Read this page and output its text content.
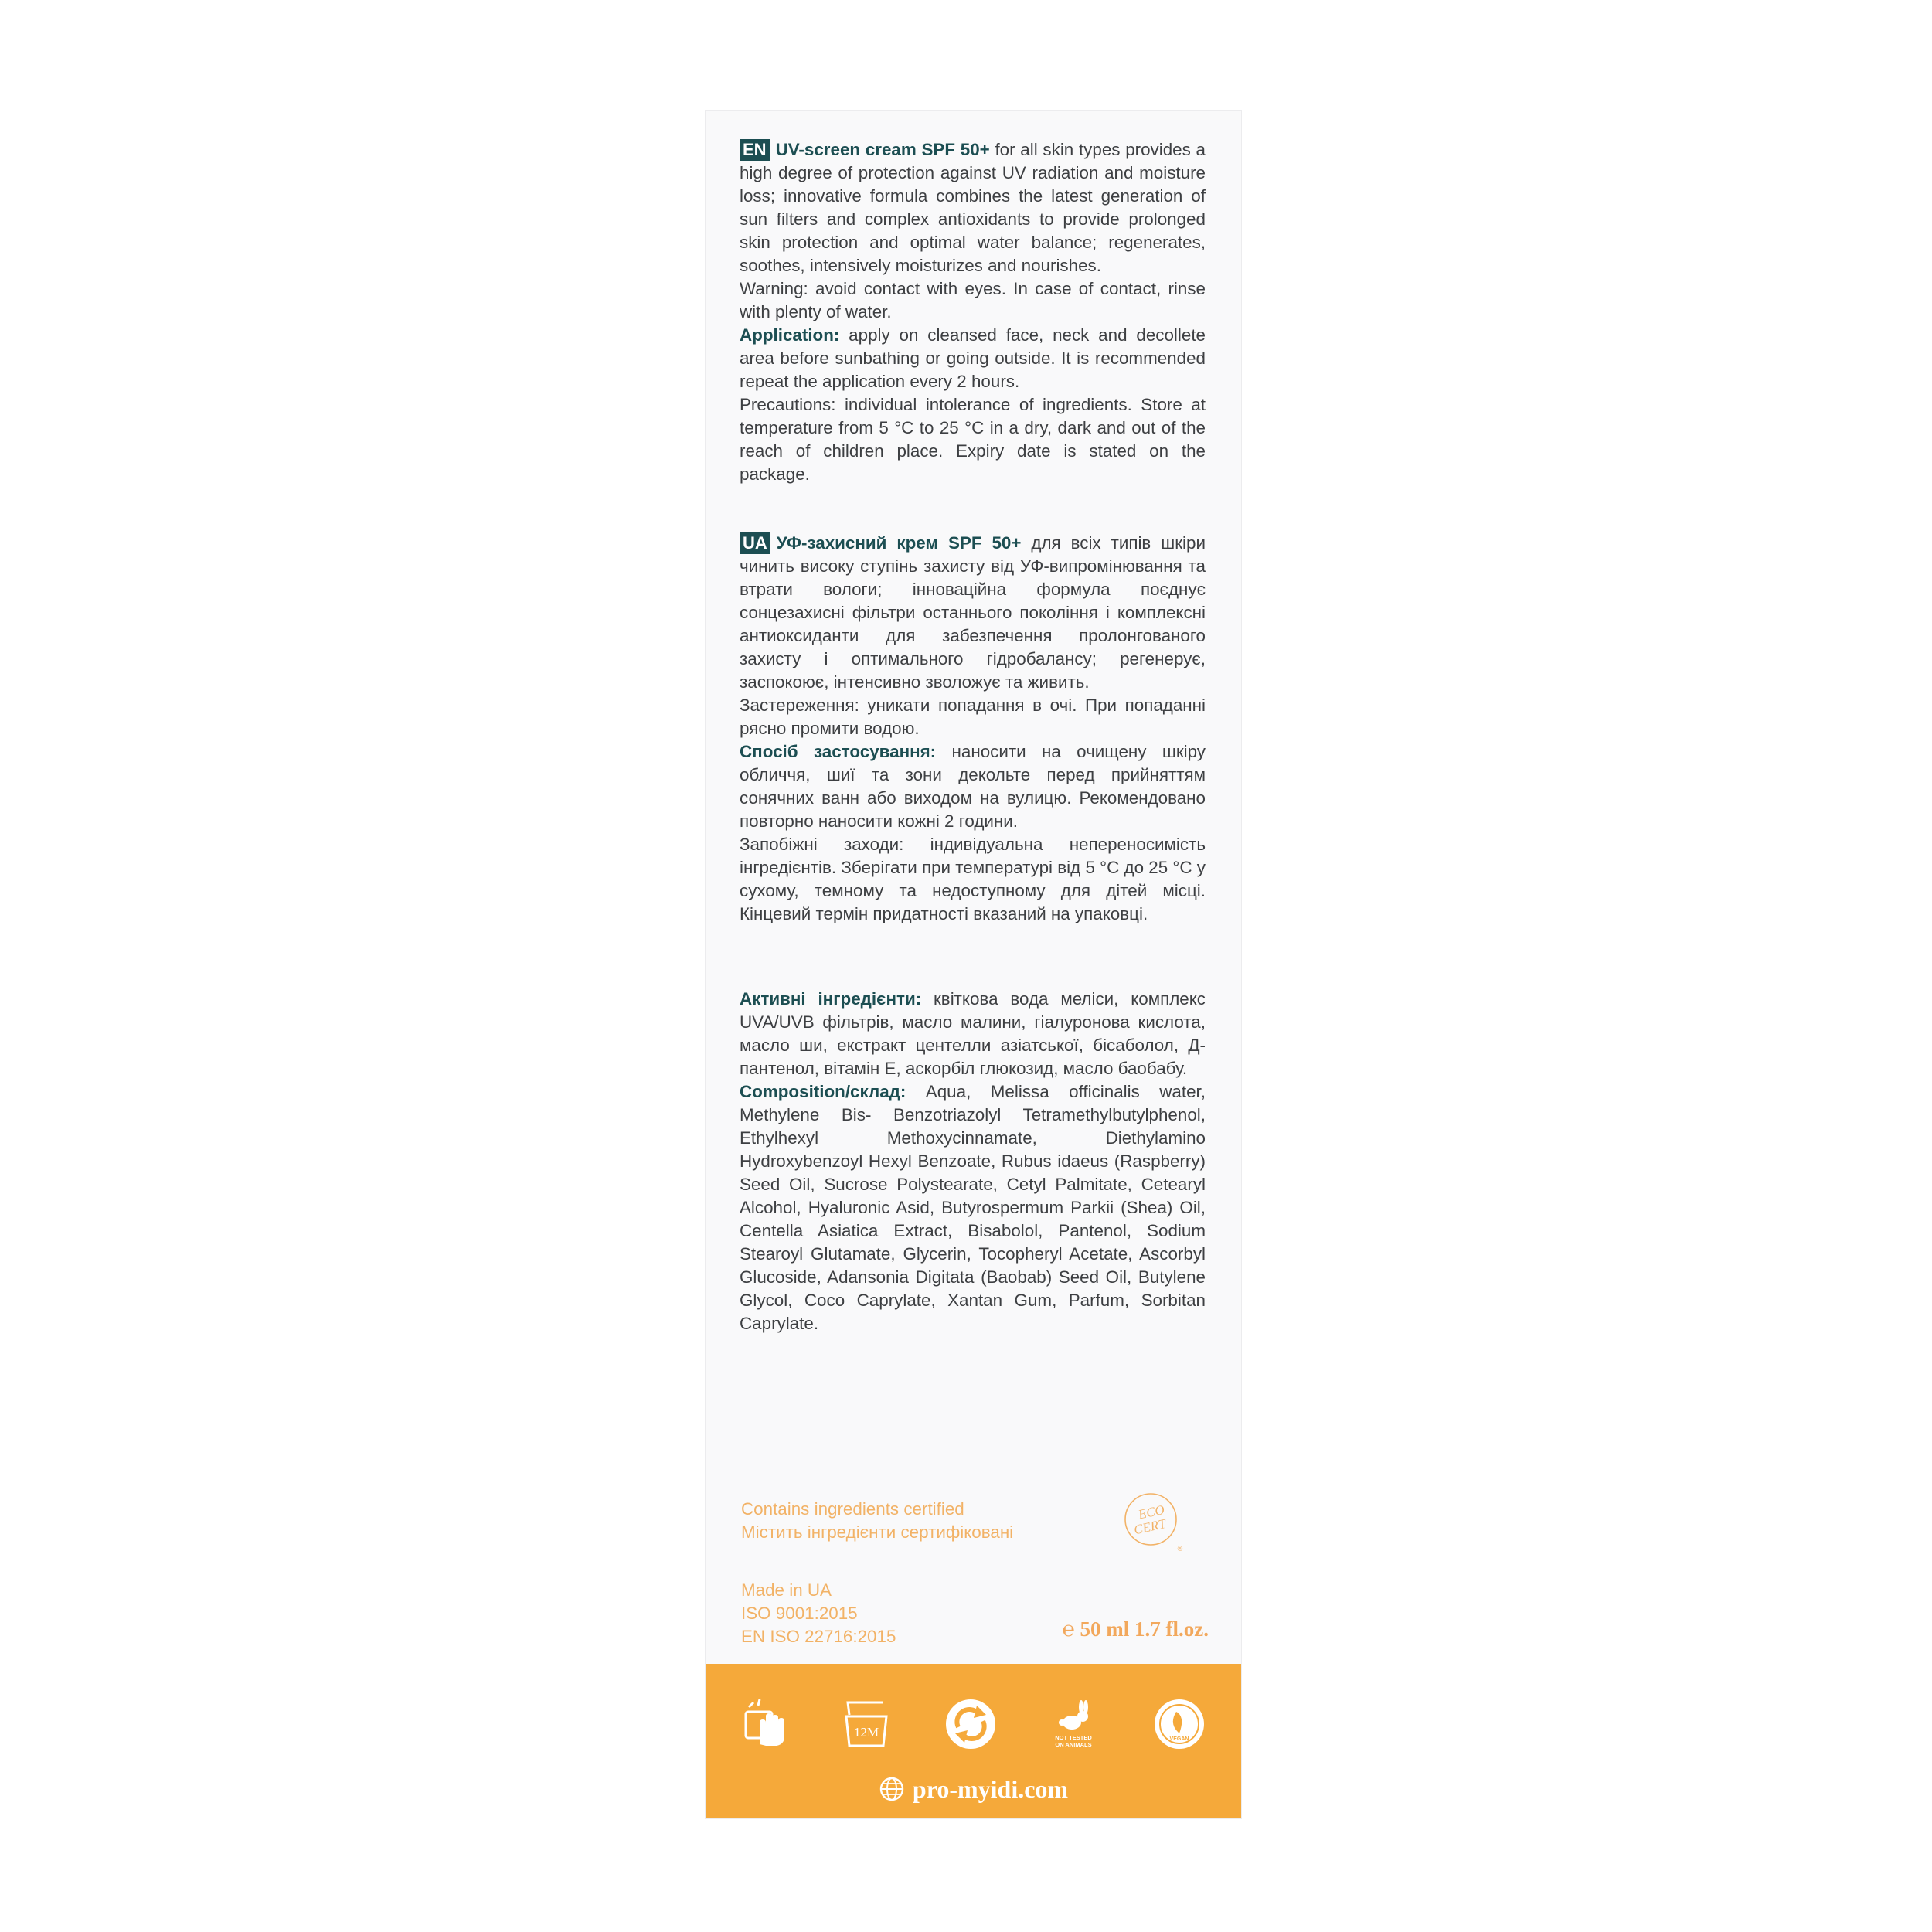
EN UV-screen cream SPF 50+ for all skin types provides a high degree of protection against UV radiation and moisture loss; innovative formula combines the latest generation of sun filters and complex antioxidants to provide prolonged skin protection and optimal water balance; regenerates, soothes, intensively moisturizes and nourishes.

Warning: avoid contact with eyes. In case of contact, rinse with plenty of water.

Application: apply on cleansed face, neck and decollete area before sunbathing or going outside. It is recommended repeat the application every 2 hours.

Precautions: individual intolerance of ingredients. Store at temperature from 5 °C to 25 °C in a dry, dark and out of the reach of children place. Expiry date is stated on the package.

UA УФ-захисний крем SPF 50+ для всіх типів шкіри чинить високу ступінь захисту від УФ-випромінювання та втрати вологи; інноваційна формула поєднує сонцезахисні фільтри останнього покоління і комплексні антиоксиданти для забезпечення пролонгованого захисту і оптимального гідробалансу; регенерує, заспокоює, інтенсивно зволожує та живить.

Застереження: уникати попадання в очі. При попаданні рясно промити водою.

Спосіб застосування: наносити на очищену шкіру обличчя, шиї та зони декольте перед прийняттям сонячних ванн або виходом на вулицю. Рекомендовано повторно наносити кожні 2 години.

Запобіжні заходи: індивідуальна непереносимість інгредієнтів. Зберігати при температурі від 5 °С до 25 °С у сухому, темному та недоступному для дітей місці. Кінцевий термін придатності вказаний на упаковці.

Активні інгредієнти: квіткова вода меліси, комплекс UVA/UVB фільтрів, масло малини, гіалуронова кислота, масло ши, екстракт центелли азіатської, бісаболол, Д-пантенол, вітамін Е, аскорбіл глюкозид, масло баобабу.

Composition/склад: Aqua, Melissa officinalis water, Methylene Bis- Benzotriazolyl Tetramethylbutylphenol, Ethylhexyl Methoxycinnamate, Diethylamino Hydroxybenzoyl Hexyl Benzoate, Rubus idaeus (Raspberry) Seed Oil, Sucrose Polystearate, Cetyl Palmitate, Cetearyl Alcohol, Hyaluronic Asid, Butyrospermum Parkii (Shea) Oil, Centella Asiatica Extract, Bisabolol, Pantenol, Sodium Stearoyl Glutamate, Glycerin, Tocopheryl Acetate, Ascorbyl Glucoside, Adansonia Digitata (Baobab) Seed Oil, Butylene Glycol, Coco Caprylate, Xantan Gum, Parfum, Sorbitan Caprylate.

Contains ingredients certified
Містить інгредієнти сертифіковані
ECO
CERT
®
Made in UA
ISO 9001:2015
EN ISO 22716:2015	℮ 50 ml 1.7 fl.oz.
12M	NOT TESTED
ON ANIMALS
VEGAN
pro-myidi.com
